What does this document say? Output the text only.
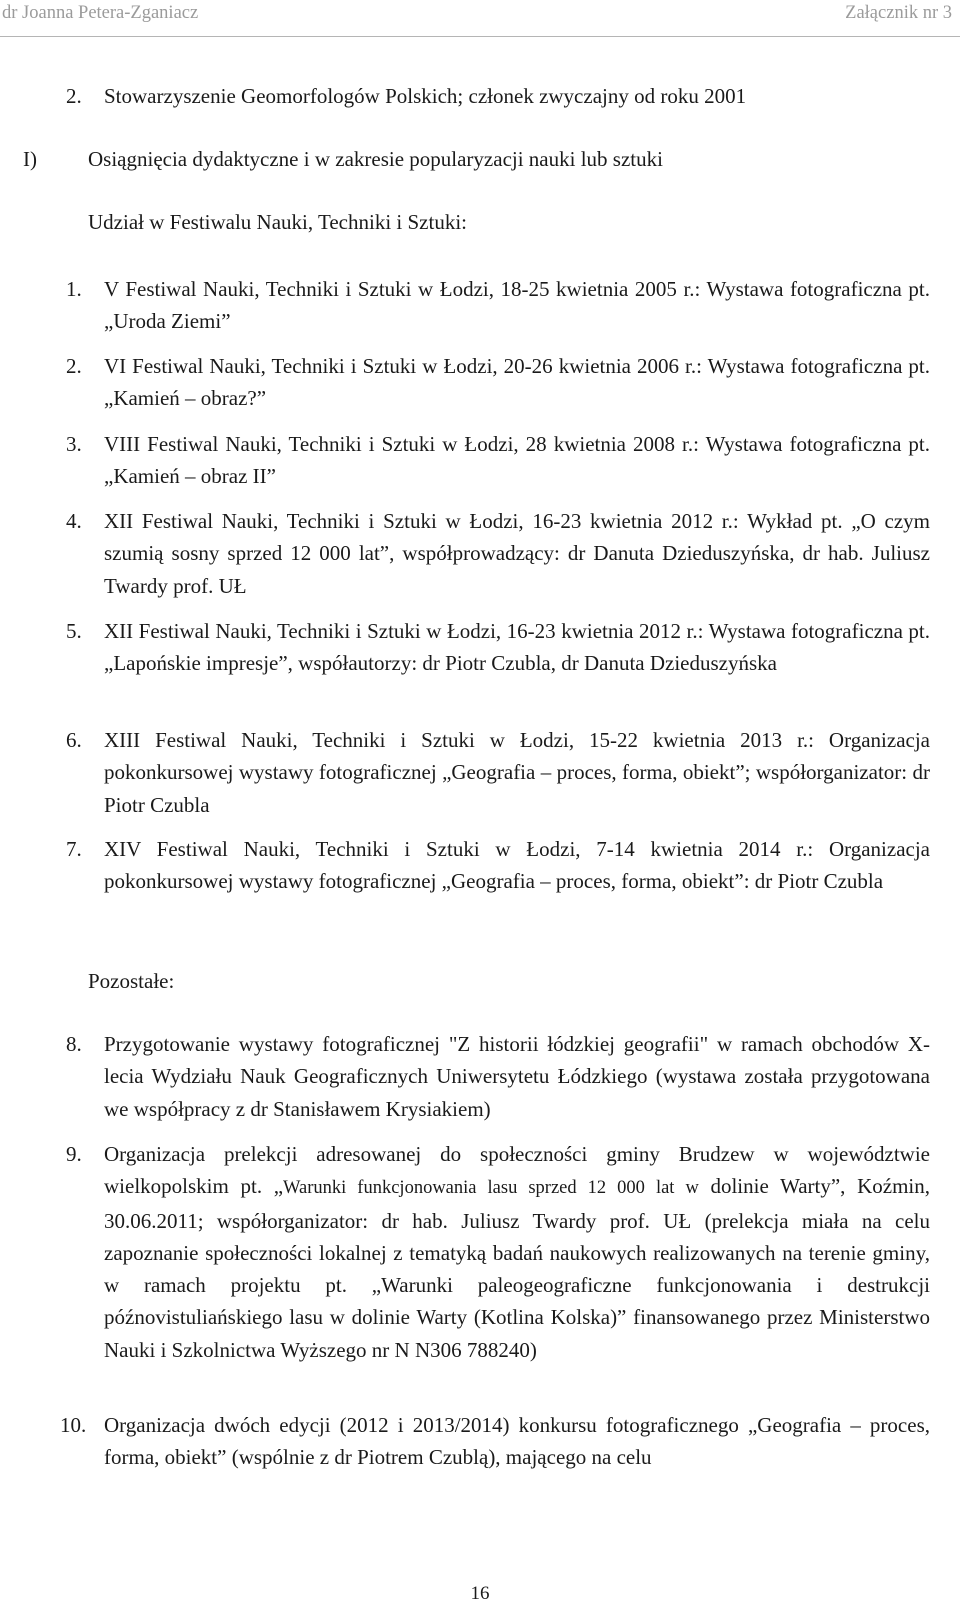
dr Joanna Petera-Zganiacz	Załącznik nr 3
2. Stowarzyszenie Geomorfologów Polskich; członek zwyczajny od roku 2001
I) Osiągnięcia dydaktyczne i w zakresie popularyzacji nauki lub sztuki
Udział w Festiwalu Nauki, Techniki i Sztuki:
1. V Festiwal Nauki, Techniki i Sztuki w Łodzi, 18-25 kwietnia 2005 r.: Wystawa fotograficzna pt. „Uroda Ziemi”
2. VI Festiwal Nauki, Techniki i Sztuki w Łodzi, 20-26 kwietnia 2006 r.: Wystawa fotograficzna pt. „Kamień – obraz?”
3. VIII Festiwal Nauki, Techniki i Sztuki w Łodzi, 28 kwietnia 2008 r.: Wystawa fotograficzna pt. „Kamień – obraz II”
4. XII Festiwal Nauki, Techniki i Sztuki w Łodzi, 16-23 kwietnia 2012 r.: Wykład pt. „O czym szumią sosny sprzed 12 000 lat”, współprowadzący: dr Danuta Dzieduszyńska, dr hab. Juliusz Twardy prof. UŁ
5. XII Festiwal Nauki, Techniki i Sztuki w Łodzi, 16-23 kwietnia 2012 r.: Wystawa fotograficzna pt. „Lapońskie impresje”, współautorzy: dr Piotr Czubla, dr Danuta Dzieduszyńska
6. XIII Festiwal Nauki, Techniki i Sztuki w Łodzi, 15-22 kwietnia 2013 r.: Organizacja pokonkursowej wystawy fotograficznej „Geografia – proces, forma, obiekt”; współorganizator: dr Piotr Czubla
7. XIV Festiwal Nauki, Techniki i Sztuki w Łodzi, 7-14 kwietnia 2014 r.: Organizacja pokonkursowej wystawy fotograficznej „Geografia – proces, forma, obiekt”: dr Piotr Czubla
Pozostałe:
8. Przygotowanie wystawy fotograficznej "Z historii łódzkiej geografii" w ramach obchodów X-lecia Wydziału Nauk Geograficznych Uniwersytetu Łódzkiego (wystawa została przygotowana we współpracy z dr Stanisławem Krysiakiem)
9. Organizacja prelekcji adresowanej do społeczności gminy Brudzew w województwie wielkopolskim pt. „Warunki funkcjonowania lasu sprzed 12 000 lat w dolinie Warty”, Koźmin, 30.06.2011; współorganizator: dr hab. Juliusz Twardy prof. UŁ (prelekcja miała na celu zapoznanie społeczności lokalnej z tematyką badań naukowych realizowanych na terenie gminy, w ramach projektu pt. „Warunki paleogeograficzne funkcjonowania i destrukcji późnovistuliańskiego lasu w dolinie Warty (Kotlina Kolska)” finansowanego przez Ministerstwo Nauki i Szkolnictwa Wyższego nr N N306 788240)
10. Organizacja dwóch edycji (2012 i 2013/2014) konkursu fotograficznego „Geografia – proces, forma, obiekt” (wspólnie z dr Piotrem Czublą), mającego na celu
16
